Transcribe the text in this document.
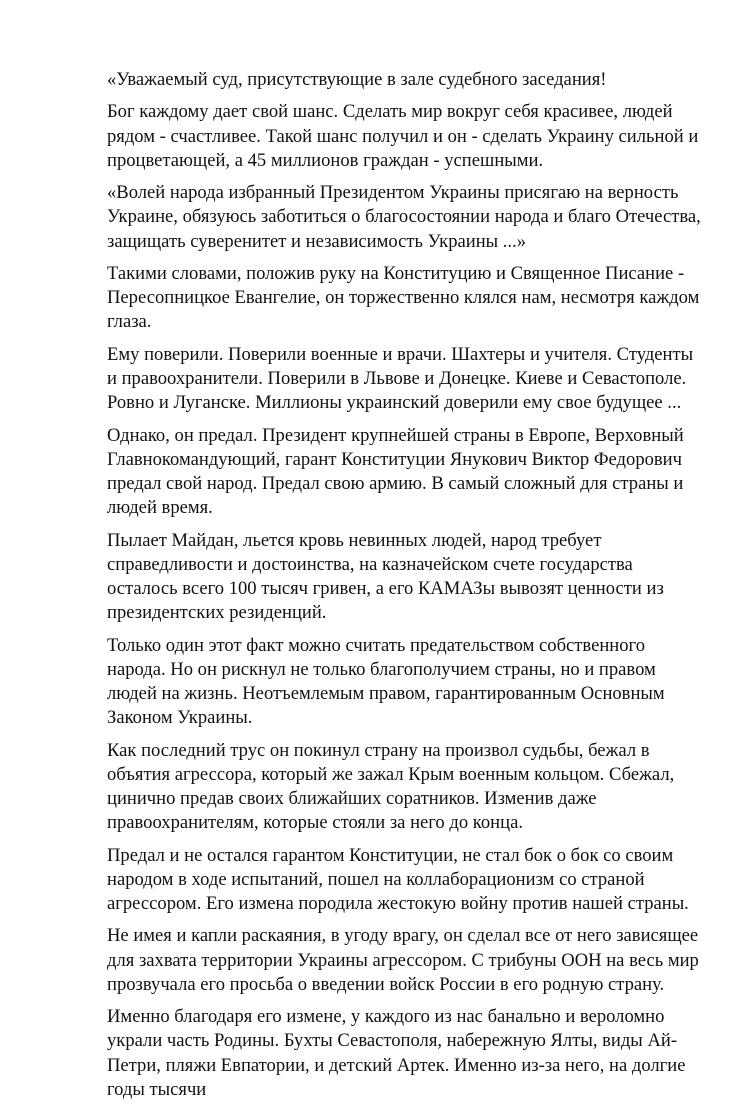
«Уважаемый суд, присутствующие в зале судебного заседания!

Бог каждому дает свой шанс. Сделать мир вокруг себя красивее, людей рядом - счастливее. Такой шанс получил и он - сделать Украину сильной и процветающей, а 45 миллионов граждан - успешными.

«Волей народа избранный Президентом Украины присягаю на верность Украине, обязуюсь заботиться о благосостоянии народа и благо Отечества, защищать суверенитет и независимость Украины ...»

Такими словами, положив руку на Конституцию и Священное Писание - Пересопницкое Евангелие, он торжественно клялся нам, несмотря каждом глаза.

Ему поверили. Поверили военные и врачи. Шахтеры и учителя. Студенты и правоохранители. Поверили в Львове и Донецке. Киеве и Севастополе. Ровно и Луганске. Миллионы украинский доверили ему свое будущее ...

Однако, он предал. Президент крупнейшей страны в Европе, Верховный Главнокомандующий, гарант Конституции Янукович Виктор Федорович предал свой народ. Предал свою армию. В самый сложный для страны и людей время.

Пылает Майдан, льется кровь невинных людей, народ требует справедливости и достоинства, на казначейском счете государства осталось всего 100 тысяч гривен, а его КАМАЗы вывозят ценности из президентских резиденций.

Только один этот факт можно считать предательством собственного народа. Но он рискнул не только благополучием страны, но и правом людей на жизнь. Неотъемлемым правом, гарантированным Основным Законом Украины.

Как последний трус он покинул страну на произвол судьбы, бежал в объятия агрессора, который же зажал Крым военным кольцом. Сбежал, цинично предав своих ближайших соратников. Изменив даже правоохранителям, которые стояли за него до конца.

Предал и не остался гарантом Конституции, не стал бок о бок со своим народом в ходе испытаний, пошел на коллаборационизм со страной агрессором. Его измена породила жестокую войну против нашей страны.

Не имея и капли раскаяния, в угоду врагу, он сделал все от него зависящее для захвата территории Украины агрессором. С трибуны ООН на весь мир прозвучала его просьба о введении войск России в его родную страну.

Именно благодаря его измене, у каждого из нас банально и вероломно украли часть Родины. Бухты Севастополя, набережную Ялты, виды Ай-Петри, пляжи Евпатории, и детский Артек. Именно из-за него, на долгие годы тысячи
